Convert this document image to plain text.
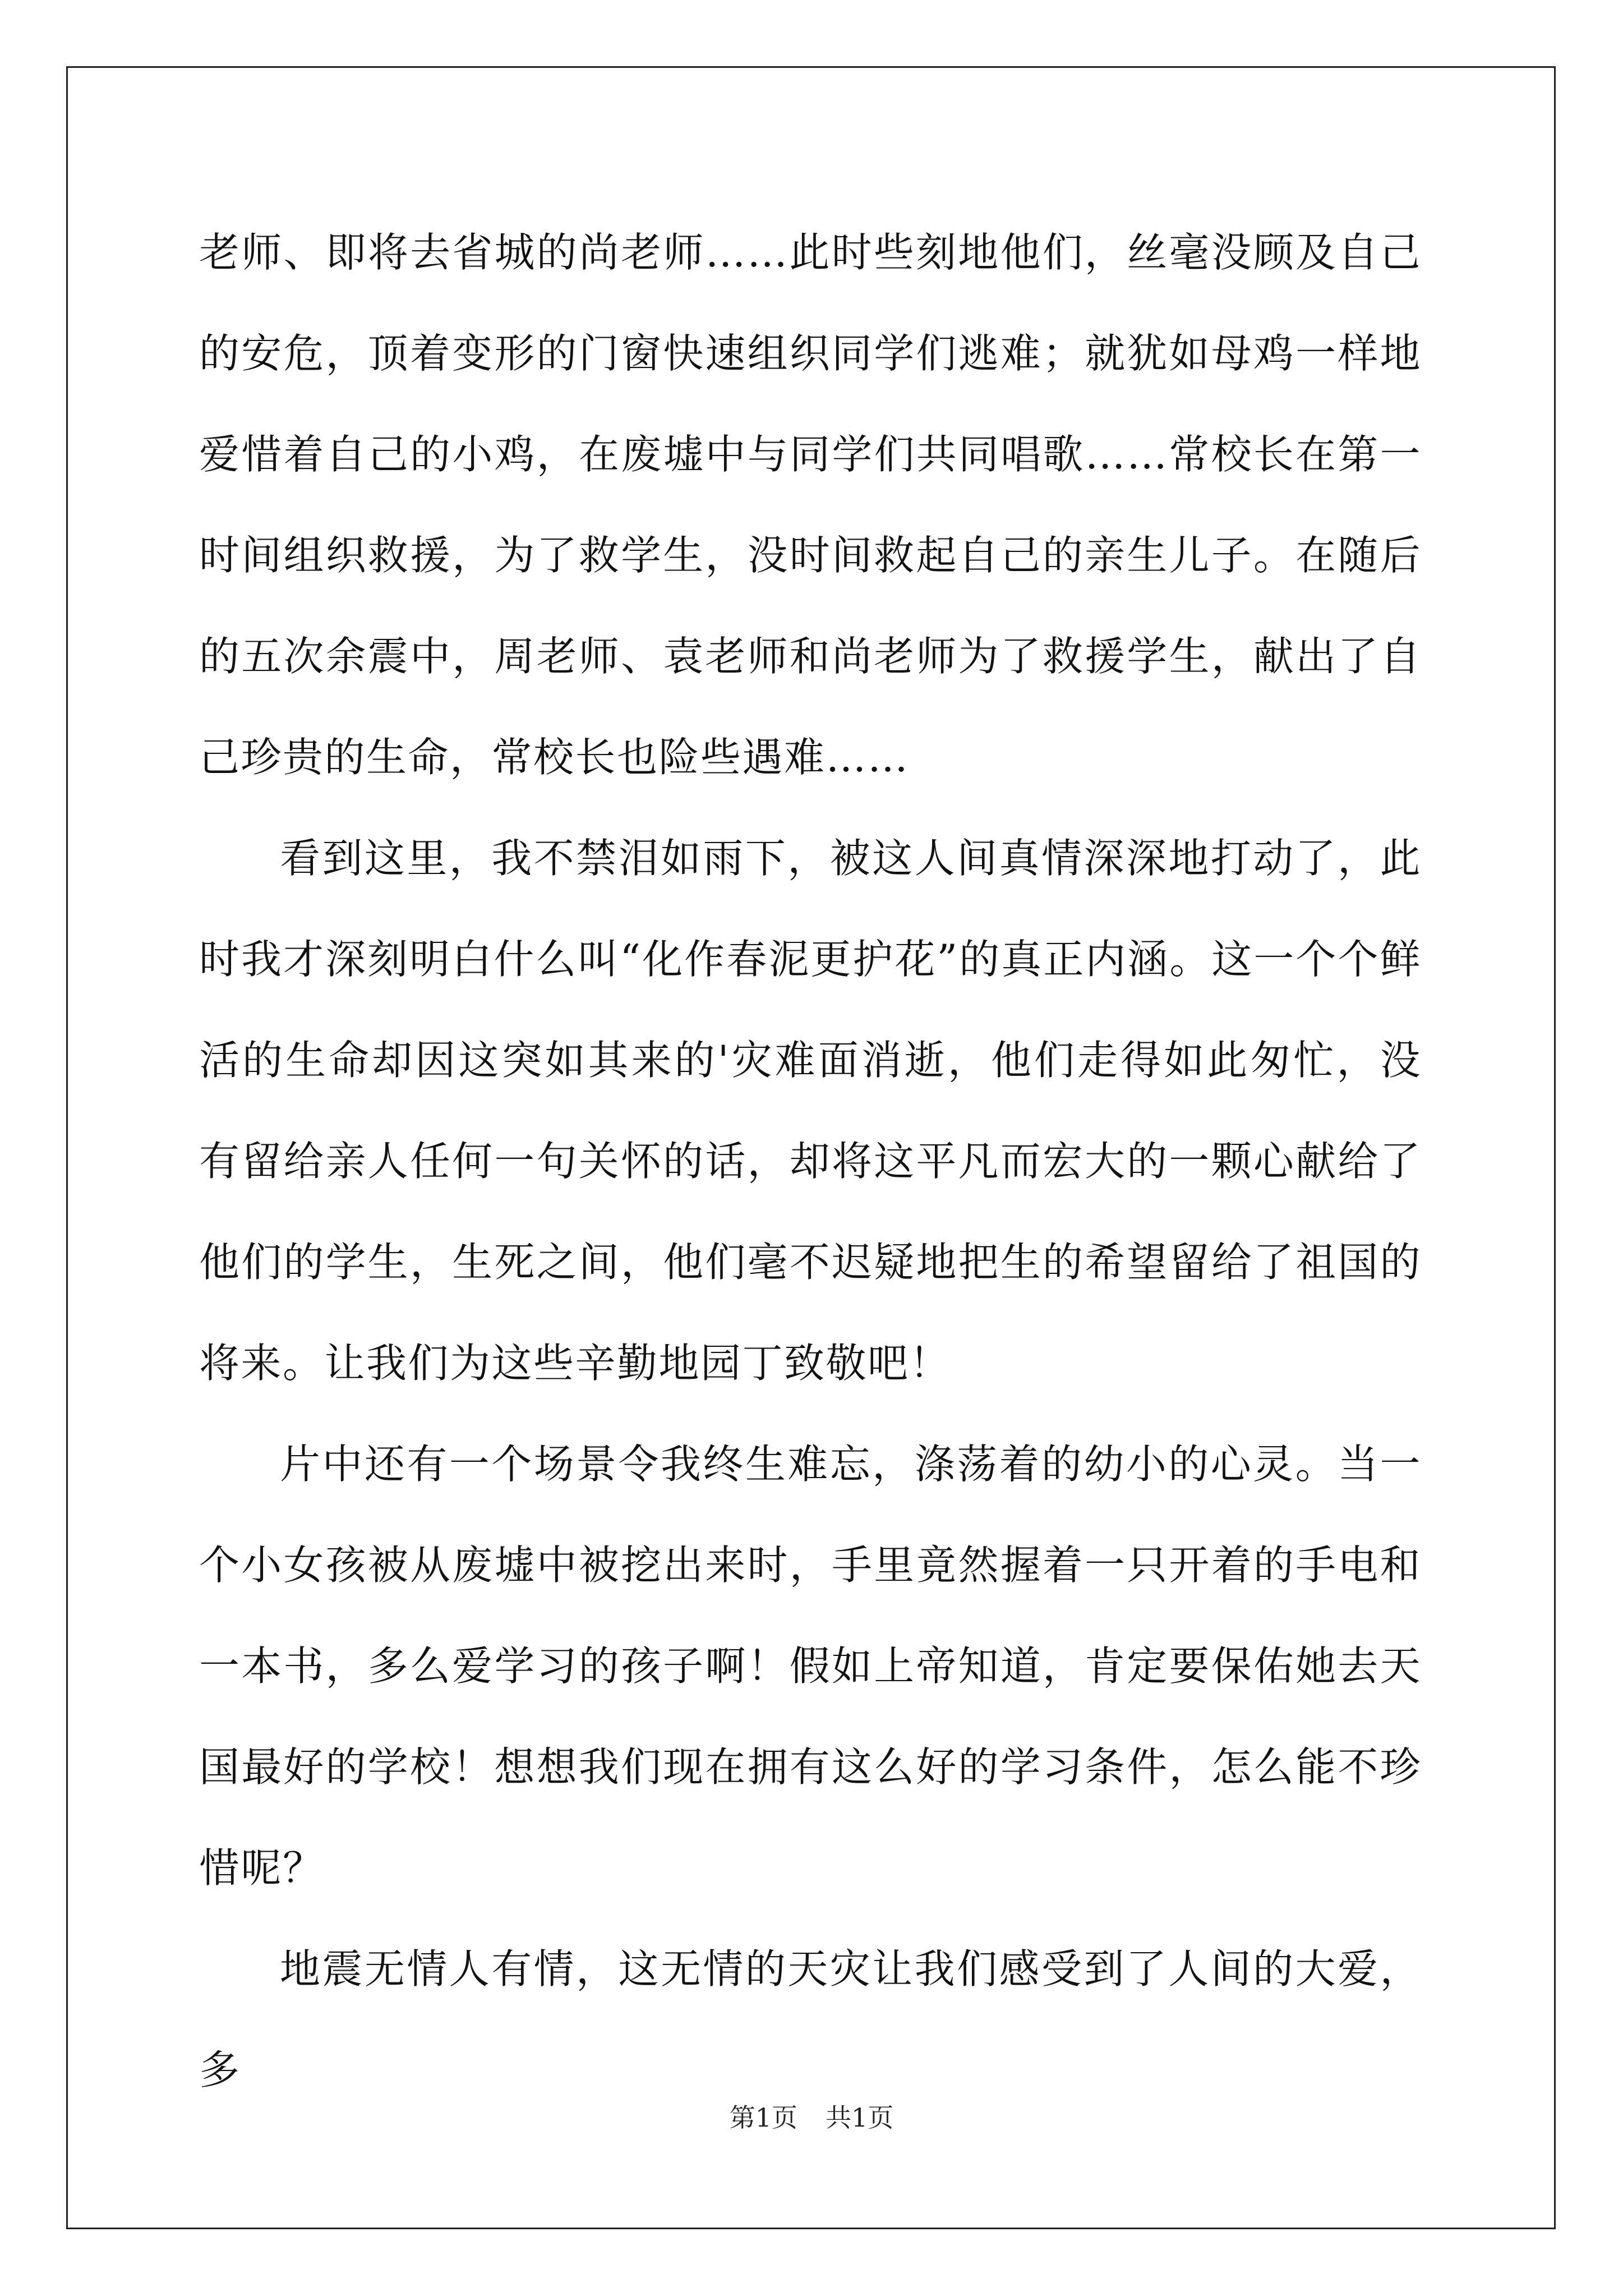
老师、即将去省城的尚老师……此时些刻地他们，丝毫没顾及自己的安危，顶着变形的门窗快速组织同学们逃难；就犹如母鸡一样地爱惜着自己的小鸡，在废墟中与同学们共同唱歌……常校长在第一时间组织救援，为了救学生，没时间救起自己的亲生儿子。在随后的五次余震中，周老师、袁老师和尚老师为了救援学生，献出了自己珍贵的生命，常校长也险些遇难……

看到这里，我不禁泪如雨下，被这人间真情深深地打动了，此时我才深刻明白什么叫“化作春泥更护花”的真正内涵。这一个个鲜活的生命却因这突如其来的'灾难面消逝，他们走得如此匆忙，没有留给亲人任何一句关怀的话，却将这平凡而宏大的一颗心献给了他们的学生，生死之间，他们毫不迟疑地把生的希望留给了祖国的将来。让我们为这些辛勤地园丁致敬吧！

片中还有一个场景令我终生难忘，涤荡着的幼小的心灵。当一个小女孩被从废墟中被挖出来时，手里竟然握着一只开着的手电和一本书，多么爱学习的孩子啊！假如上帝知道，肯定要保佑她去天国最好的学校！想想我们现在拥有这么好的学习条件，怎么能不珍惜呢？

地震无情人有情，这无情的天灾让我们感受到了人间的大爱，多

第1页 共1页
